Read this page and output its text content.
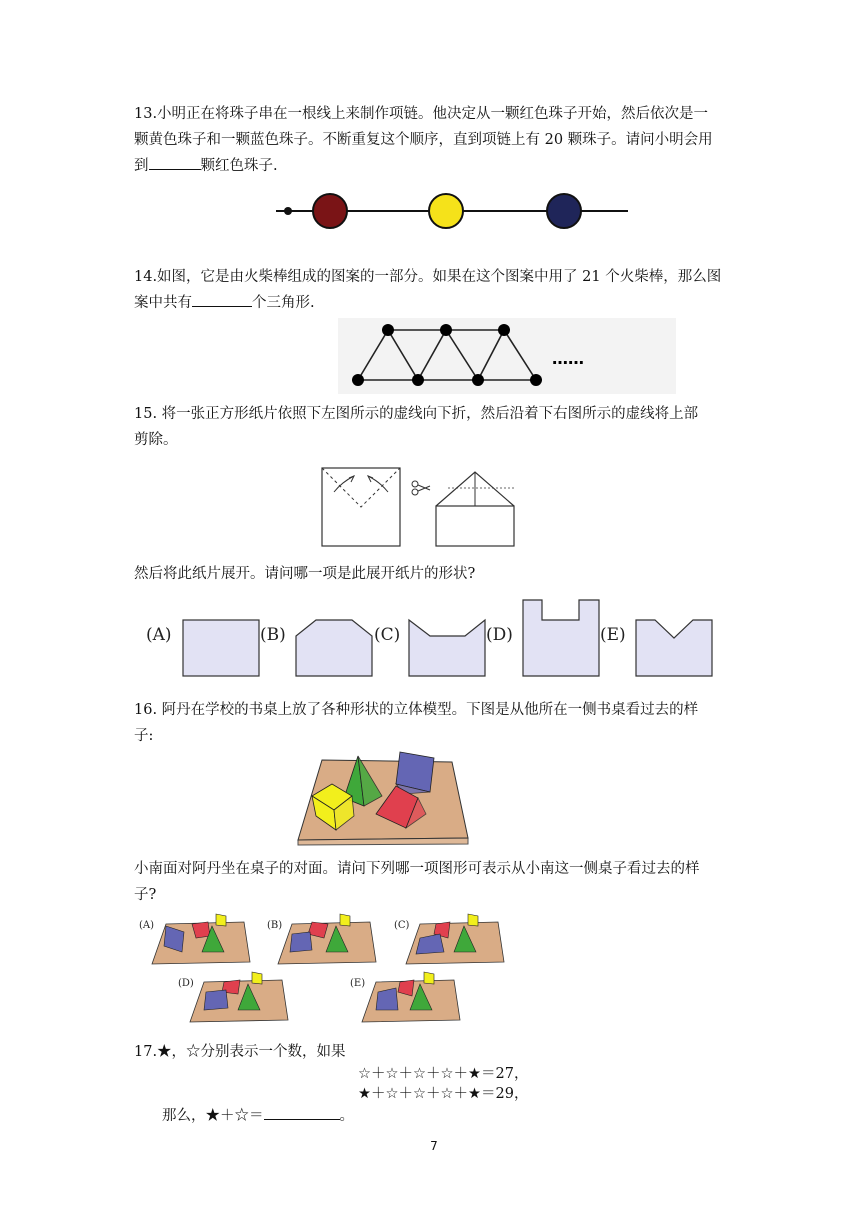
13.小明正在将珠子串在一根线上来制作项链。他决定从一颗红色珠子开始，然后依次是一
颗黄色珠子和一颗蓝色珠子。不断重复这个顺序，直到项链上有 20 颗珠子。请问小明会用
到	颗红色珠子.
14.如图，它是由火柴棒组成的图案的一部分。如果在这个图案中用了 21 个火柴棒，那么图
案中共有	个三角形.
……
15. 将一张正方形纸片依照下左图所示的虚线向下折，然后沿着下右图所示的虚线将上部
剪除。
然后将此纸片展开。请问哪一项是此展开纸片的形状?
(A)	(B)	(C)	(D)	(E)
16. 阿丹在学校的书桌上放了各种形状的立体模型。下图是从他所在一侧书桌看过去的样
子:
小南面对阿丹坐在桌子的对面。请问下列哪一项图形可表示从小南这一侧桌子看过去的样
子?
(A)	(B)	(C)
(D)	(E)
17.★，☆分别表示一个数，如果
☆＋☆＋☆＋☆＋★＝27，
★＋☆＋☆＋☆＋★＝29，
那么，★＋☆＝	。
7
